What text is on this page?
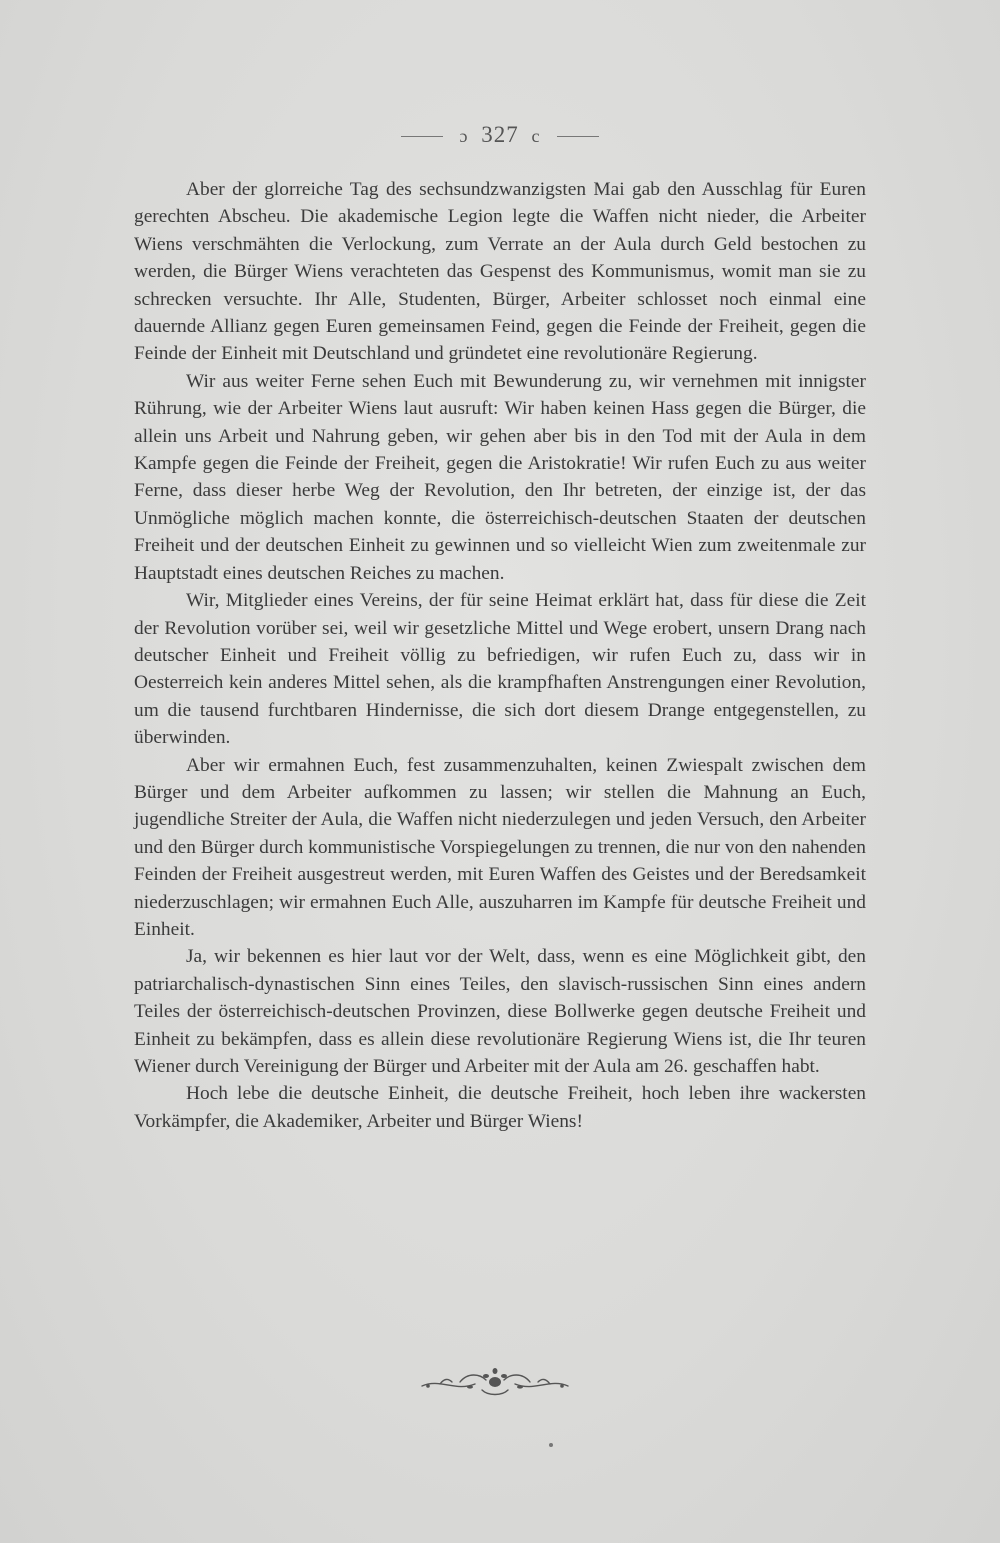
ɔ 327 c

Aber der glorreiche Tag des sechsundzwanzigsten Mai gab den Ausschlag für Euren gerechten Abscheu. Die akademische Legion legte die Waffen nicht nieder, die Arbeiter Wiens verschmähten die Verlockung, zum Verrate an der Aula durch Geld bestochen zu werden, die Bürger Wiens verachteten das Gespenst des Kommunismus, womit man sie zu schrecken versuchte. Ihr Alle, Studenten, Bürger, Arbeiter schlosset noch einmal eine dauernde Allianz gegen Euren gemeinsamen Feind, gegen die Feinde der Freiheit, gegen die Feinde der Einheit mit Deutschland und gründetet eine revolutionäre Regierung.

Wir aus weiter Ferne sehen Euch mit Bewunderung zu, wir vernehmen mit innigster Rührung, wie der Arbeiter Wiens laut ausruft: Wir haben keinen Hass gegen die Bürger, die allein uns Arbeit und Nahrung geben, wir gehen aber bis in den Tod mit der Aula in dem Kampfe gegen die Feinde der Freiheit, gegen die Aristokratie! Wir rufen Euch zu aus weiter Ferne, dass dieser herbe Weg der Revolution, den Ihr betreten, der einzige ist, der das Unmögliche möglich machen konnte, die österreichisch-deutschen Staaten der deutschen Freiheit und der deutschen Einheit zu gewinnen und so vielleicht Wien zum zweitenmale zur Hauptstadt eines deutschen Reiches zu machen.

Wir, Mitglieder eines Vereins, der für seine Heimat erklärt hat, dass für diese die Zeit der Revolution vorüber sei, weil wir gesetzliche Mittel und Wege erobert, unsern Drang nach deutscher Einheit und Freiheit völlig zu befriedigen, wir rufen Euch zu, dass wir in Oesterreich kein anderes Mittel sehen, als die krampfhaften Anstrengungen einer Revolution, um die tausend furchtbaren Hindernisse, die sich dort diesem Drange entgegenstellen, zu überwinden.

Aber wir ermahnen Euch, fest zusammenzuhalten, keinen Zwiespalt zwischen dem Bürger und dem Arbeiter aufkommen zu lassen; wir stellen die Mahnung an Euch, jugendliche Streiter der Aula, die Waffen nicht niederzulegen und jeden Versuch, den Arbeiter und den Bürger durch kommunistische Vorspiegelungen zu trennen, die nur von den nahenden Feinden der Freiheit ausgestreut werden, mit Euren Waffen des Geistes und der Beredsamkeit niederzuschlagen; wir ermahnen Euch Alle, auszuharren im Kampfe für deutsche Freiheit und Einheit.

Ja, wir bekennen es hier laut vor der Welt, dass, wenn es eine Möglichkeit gibt, den patriarchalisch-dynastischen Sinn eines Teiles, den slavisch-russischen Sinn eines andern Teiles der österreichisch-deutschen Provinzen, diese Bollwerke gegen deutsche Freiheit und Einheit zu bekämpfen, dass es allein diese revolutionäre Regierung Wiens ist, die Ihr teuren Wiener durch Vereinigung der Bürger und Arbeiter mit der Aula am 26. geschaffen habt.

Hoch lebe die deutsche Einheit, die deutsche Freiheit, hoch leben ihre wackersten Vorkämpfer, die Akademiker, Arbeiter und Bürger Wiens!
